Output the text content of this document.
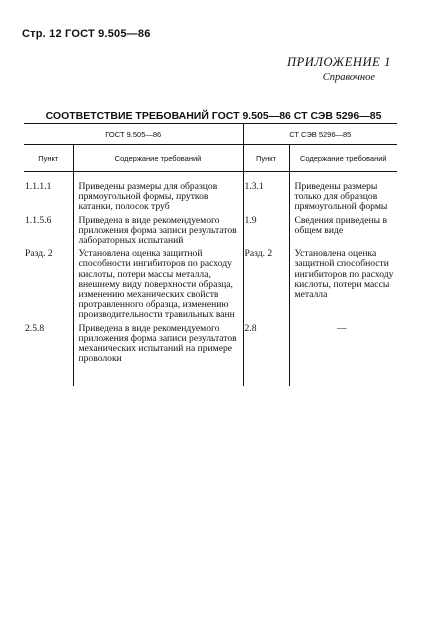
Стр. 12 ГОСТ 9.505—86
ПРИЛОЖЕНИЕ 1
Справочное
СООТВЕТСТВИЕ ТРЕБОВАНИЙ ГОСТ 9.505—86 СТ СЭВ 5296—85
ГОСТ 9.505—86		СТ СЭВ 5296—85	
Пункт	Содержание требований	Пункт	Содержание требований
1.1.1.1	Приведены размеры для образцов прямоугольной формы, прутков катанки, полосок труб	1.3.1	Приведены размеры только для образцов прямоугольной формы
1.1.5.6	Приведена в виде рекомендуемого приложения форма записи результатов лабораторных испытаний	1.9	Сведения приведены в общем виде
Разд. 2	Установлена оценка защитной способности ингибиторов по расходу кислоты, потери массы металла, внешнему виду поверхности образца, изменению механических свойств протравленного образца, изменению производительности травильных ванн	Разд. 2	Установлена оценка защитной способности ингибиторов по расходу кислоты, потери массы металла
2.5.8	Приведена в виде рекомендуемого приложения форма записи результатов механических испытаний на примере проволоки	2.8	—
